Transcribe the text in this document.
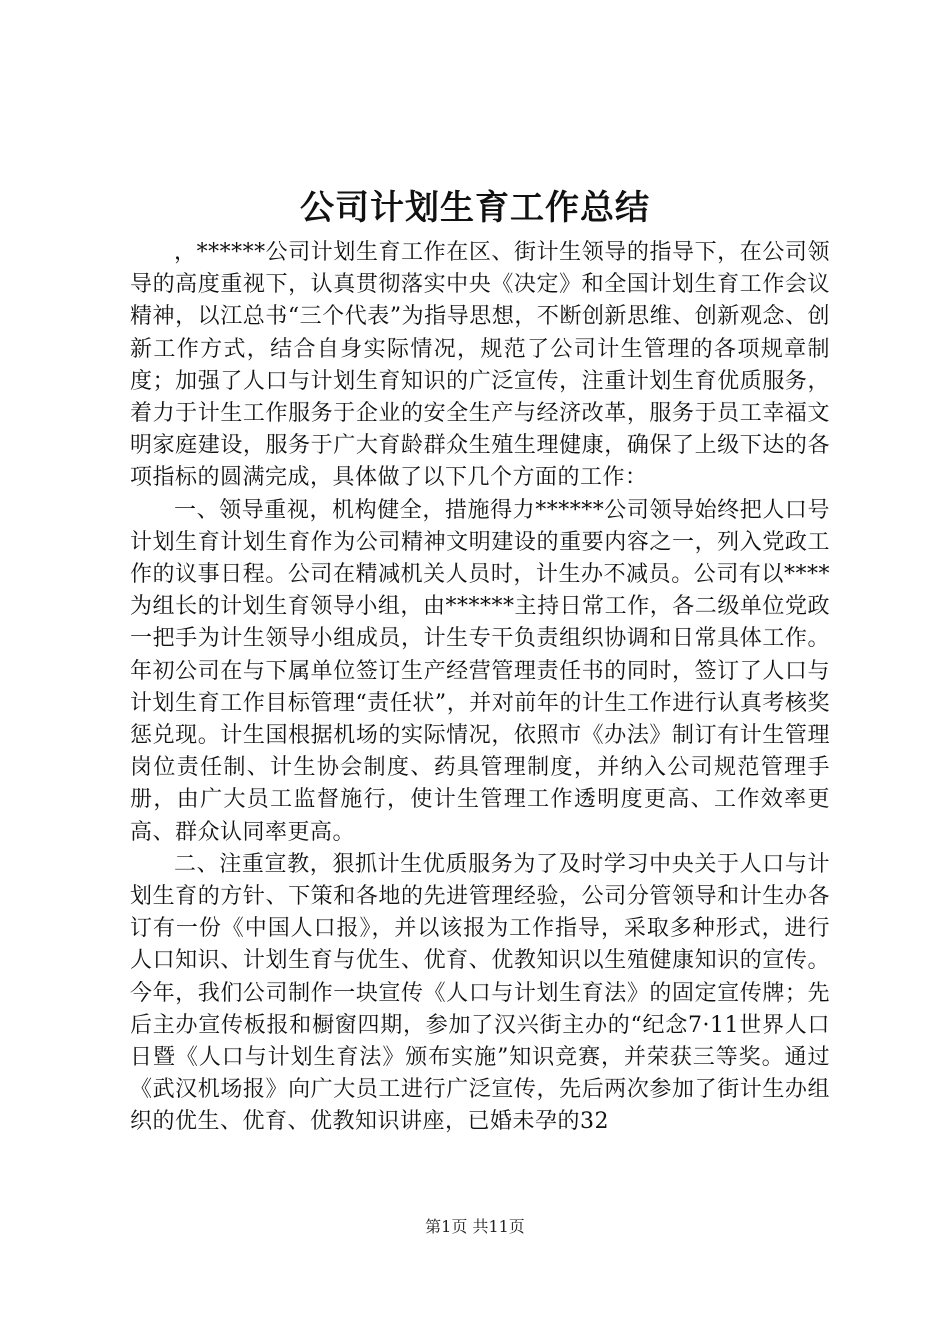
公司计划生育工作总结

，******公司计划生育工作在区、街计生领导的指导下，在公司领导的高度重视下，认真贯彻落实中央《决定》和全国计划生育工作会议精神，以江总书“三个代表”为指导思想，不断创新思维、创新观念、创新工作方式，结合自身实际情况，规范了公司计生管理的各项规章制度；加强了人口与计划生育知识的广泛宣传，注重计划生育优质服务，着力于计生工作服务于企业的安全生产与经济改革，服务于员工幸福文明家庭建设，服务于广大育龄群众生殖生理健康，确保了上级下达的各项指标的圆满完成，具体做了以下几个方面的工作：

一、领导重视，机构健全，措施得力******公司领导始终把人口号计划生育计划生育作为公司精神文明建设的重要内容之一，列入党政工作的议事日程。公司在精减机关人员时，计生办不减员。公司有以****为组长的计划生育领导小组，由******主持日常工作，各二级单位党政一把手为计生领导小组成员，计生专干负责组织协调和日常具体工作。年初公司在与下属单位签订生产经营管理责任书的同时，签订了人口与计划生育工作目标管理“责任状”，并对前年的计生工作进行认真考核奖惩兑现。计生国根据机场的实际情况，依照市《办法》制订有计生管理岗位责任制、计生协会制度、药具管理制度，并纳入公司规范管理手册，由广大员工监督施行，使计生管理工作透明度更高、工作效率更高、群众认同率更高。

二、注重宣教，狠抓计生优质服务为了及时学习中央关于人口与计划生育的方针、下策和各地的先进管理经验，公司分管领导和计生办各订有一份《中国人口报》，并以该报为工作指导，采取多种形式，进行人口知识、计划生育与优生、优育、优教知识以生殖健康知识的宣传。今年，我们公司制作一块宣传《人口与计划生育法》的固定宣传牌；先后主办宣传板报和橱窗四期，参加了汉兴街主办的“纪念7·11世界人口日暨《人口与计划生育法》颁布实施”知识竞赛，并荣获三等奖。通过《武汉机场报》向广大员工进行广泛宣传，先后两次参加了街计生办组织的优生、优育、优教知识讲座，已婚未孕的32

第1页 共11页
